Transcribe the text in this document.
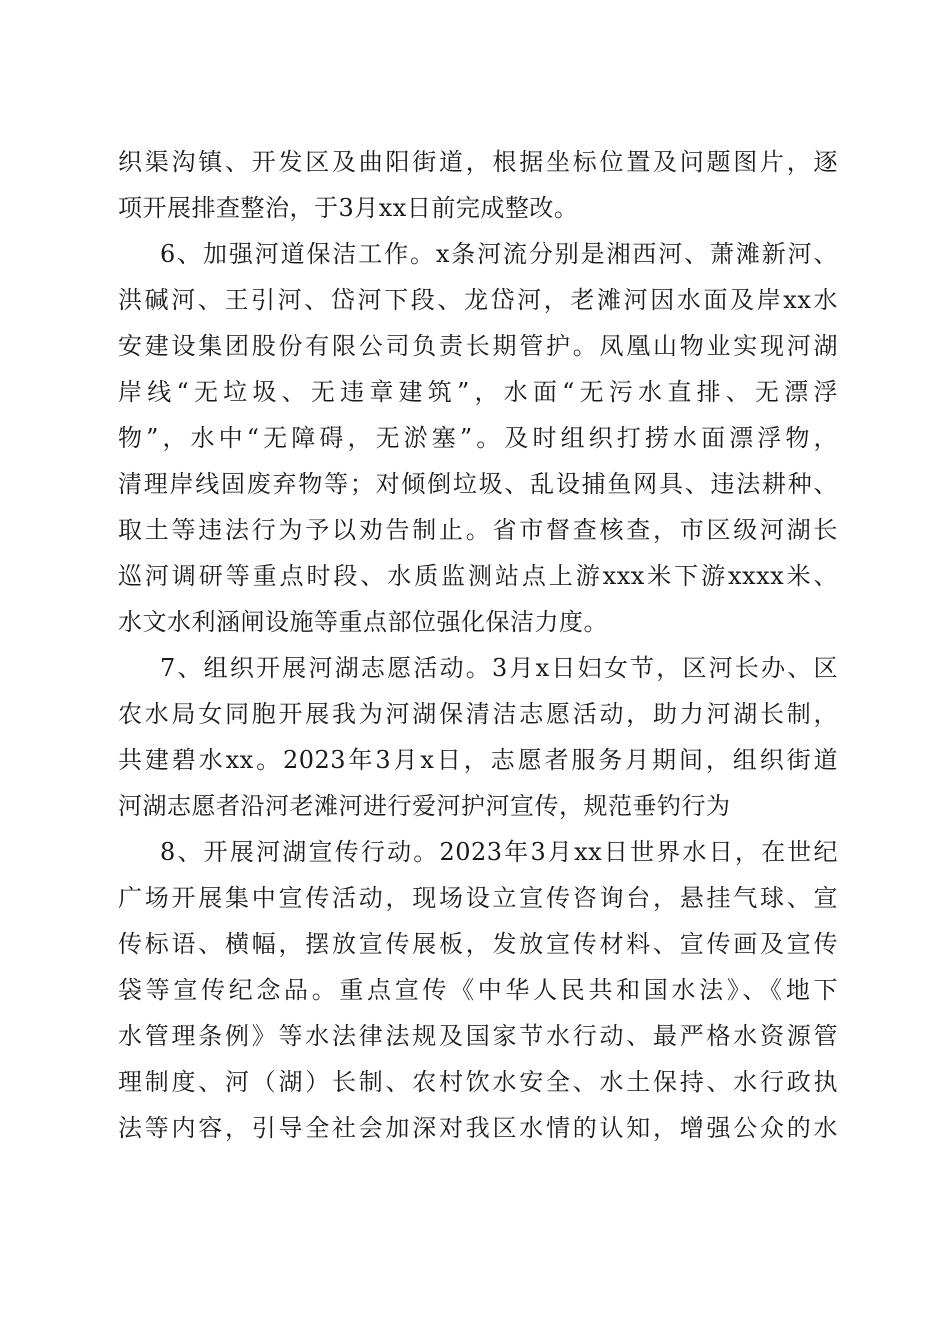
织渠沟镇、开发区及曲阳街道，根据坐标位置及问题图片，逐
项开展排查整治，于3月xx日前完成整改。
6、加强河道保洁工作。x条河流分别是湘西河、萧滩新河、
洪碱河、王引河、岱河下段、龙岱河，老滩河因水面及岸xx水
安建设集团股份有限公司负责长期管护。凤凰山物业实现河湖
岸线“无垃圾、无违章建筑”，水面“无污水直排、无漂浮
物”，水中“无障碍，无淤塞”。及时组织打捞水面漂浮物，
清理岸线固废弃物等；对倾倒垃圾、乱设捕鱼网具、违法耕种、
取土等违法行为予以劝告制止。省市督查核查，市区级河湖长
巡河调研等重点时段、水质监测站点上游xxx米下游xxxx米、
水文水利涵闸设施等重点部位强化保洁力度。
7、组织开展河湖志愿活动。3月x日妇女节，区河长办、区
农水局女同胞开展我为河湖保清洁志愿活动，助力河湖长制，
共建碧水xx。2023年3月x日，志愿者服务月期间，组织街道
河湖志愿者沿河老滩河进行爱河护河宣传，规范垂钓行为
8、开展河湖宣传行动。2023年3月xx日世界水日，在世纪
广场开展集中宣传活动，现场设立宣传咨询台，悬挂气球、宣
传标语、横幅，摆放宣传展板，发放宣传材料、宣传画及宣传
袋等宣传纪念品。重点宣传《中华人民共和国水法》、《地下
水管理条例》等水法律法规及国家节水行动、最严格水资源管
理制度、河（湖）长制、农村饮水安全、水土保持、水行政执
法等内容，引导全社会加深对我区水情的认知，增强公众的水
